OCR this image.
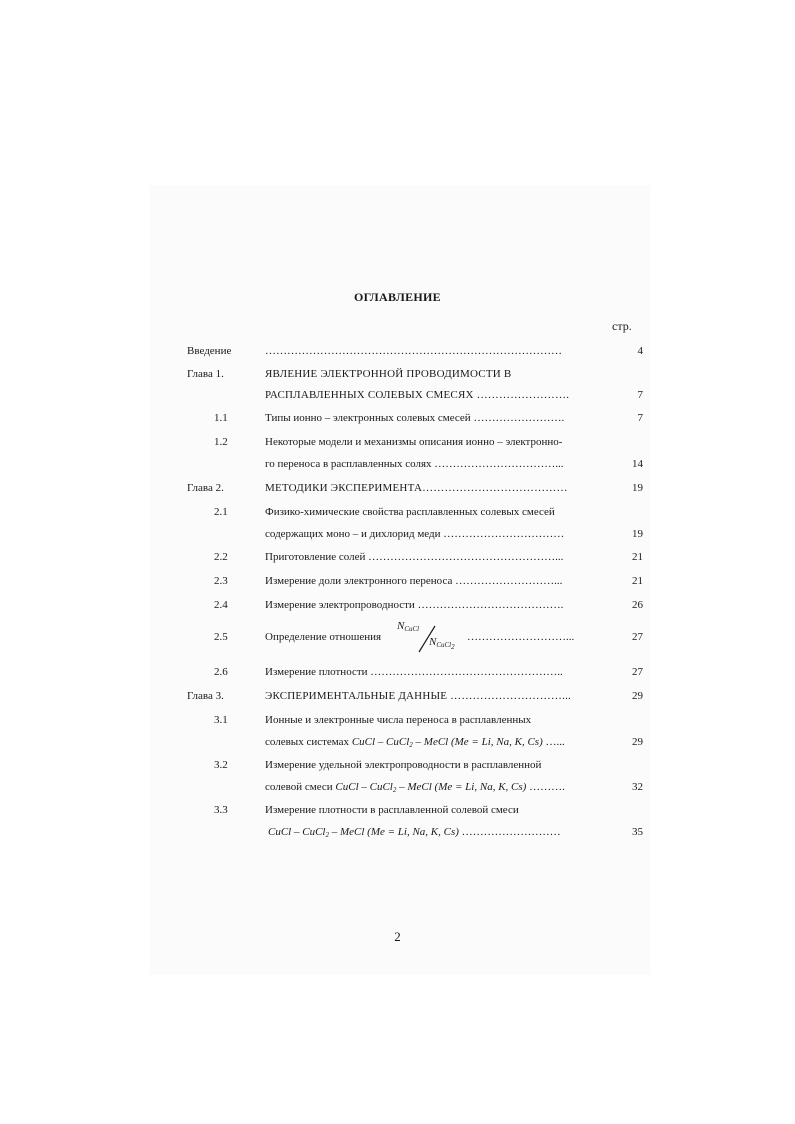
ОГЛАВЛЕНИЕ
стр.
Введение	………………………………………………………………………	4
Глава 1.	ЯВЛЕНИЕ ЭЛЕКТРОННОЙ ПРОВОДИМОСТИ В
РАСПЛАВЛЕННЫХ СОЛЕВЫХ СМЕСЯХ …………………….	7
1.1	Типы ионно – электронных солевых смесей …………………….	7
1.2	Некоторые модели и механизмы описания ионно – электронно-
го переноса в расплавленных солях ……………………………...	14
Глава 2.	МЕТОДИКИ ЭКСПЕРИМЕНТА…………………………………	19
2.1	Физико-химические свойства расплавленных солевых смесей
содержащих моно – и дихлорид меди ……………………………	19
2.2	Приготовление солей ……………………………………………...	21
2.3	Измерение доли электронного переноса ………………………...	21
2.4	Измерение электропроводности ………………………………….	26
2.5	Определение отношения
$N_{CuCl}$
$N_{CuCl_2}$
………………………...	27
2.6	Измерение плотности ……………………………………………..	27
Глава 3.	ЭКСПЕРИМЕНТАЛЬНЫЕ ДАННЫЕ …………………………...	29
3.1	Ионные и электронные числа переноса в расплавленных
солевых системах CuCl – CuCl$_2$ – MeCl (Me = Li, Na, K, Cs) …...	29
3.2	Измерение удельной электропроводности в расплавленной
солевой смеси CuCl – CuCl$_2$ – MeCl (Me = Li, Na, K, Cs) ……….	32
3.3	Измерение плотности в расплавленной солевой смеси
CuCl – CuCl$_2$ – MeCl (Me = Li, Na, K, Cs) ………………………	35
2
